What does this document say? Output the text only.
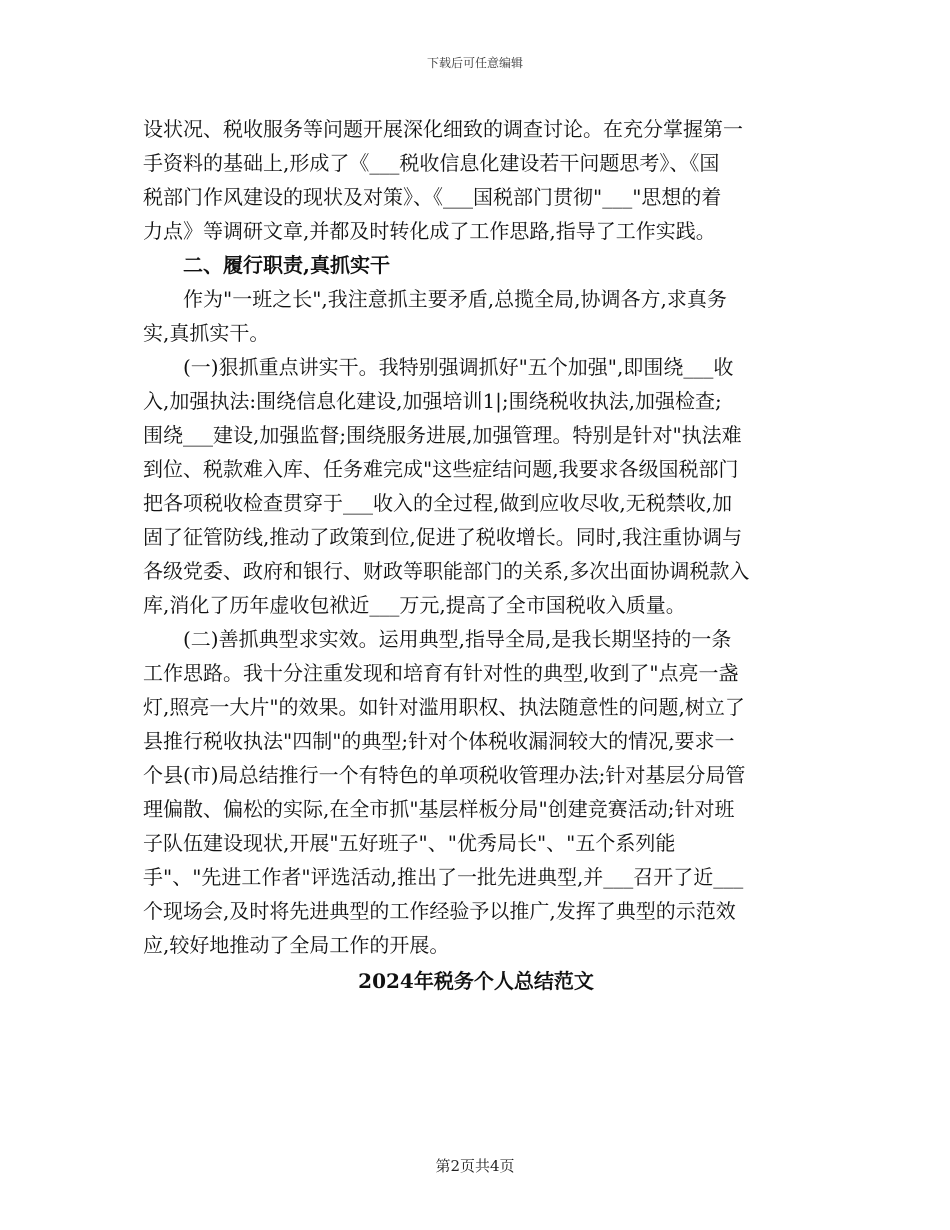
下载后可任意编辑
设状况、税收服务等问题开展深化细致的调查讨论。在充分掌握第一
手资料的基础上,形成了《___税收信息化建设若干问题思考》、《国
税部门作风建设的现状及对策》、《___国税部门贯彻"___"思想的着
力点》等调研文章,并都及时转化成了工作思路,指导了工作实践。
二、履行职责,真抓实干
作为"一班之长",我注意抓主要矛盾,总揽全局,协调各方,求真务
实,真抓实干。
(一)狠抓重点讲实干。我特别强调抓好"五个加强",即围绕___收
入,加强执法:围绕信息化建设,加强培训1|;围绕税收执法,加强检查;
围绕___建设,加强监督;围绕服务进展,加强管理。特别是针对"执法难
到位、税款难入库、任务难完成"这些症结问题,我要求各级国税部门
把各项税收检查贯穿于___收入的全过程,做到应收尽收,无税禁收,加
固了征管防线,推动了政策到位,促进了税收增长。同时,我注重协调与
各级党委、政府和银行、财政等职能部门的关系,多次出面协调税款入
库,消化了历年虚收包袱近___万元,提高了全市国税收入质量。
(二)善抓典型求实效。运用典型,指导全局,是我长期坚持的一条
工作思路。我十分注重发现和培育有针对性的典型,收到了"点亮一盏
灯,照亮一大片"的效果。如针对滥用职权、执法随意性的问题,树立了
县推行税收执法"四制"的典型;针对个体税收漏洞较大的情况,要求一
个县(市)局总结推行一个有特色的单项税收管理办法;针对基层分局管
理偏散、偏松的实际,在全市抓"基层样板分局"创建竞赛活动;针对班
子队伍建设现状,开展"五好班子"、"优秀局长"、"五个系列能
手"、"先进工作者"评选活动,推出了一批先进典型,并___召开了近___
个现场会,及时将先进典型的工作经验予以推广,发挥了典型的示范效
应,较好地推动了全局工作的开展。
2024年税务个人总结范文
第2页共4页
